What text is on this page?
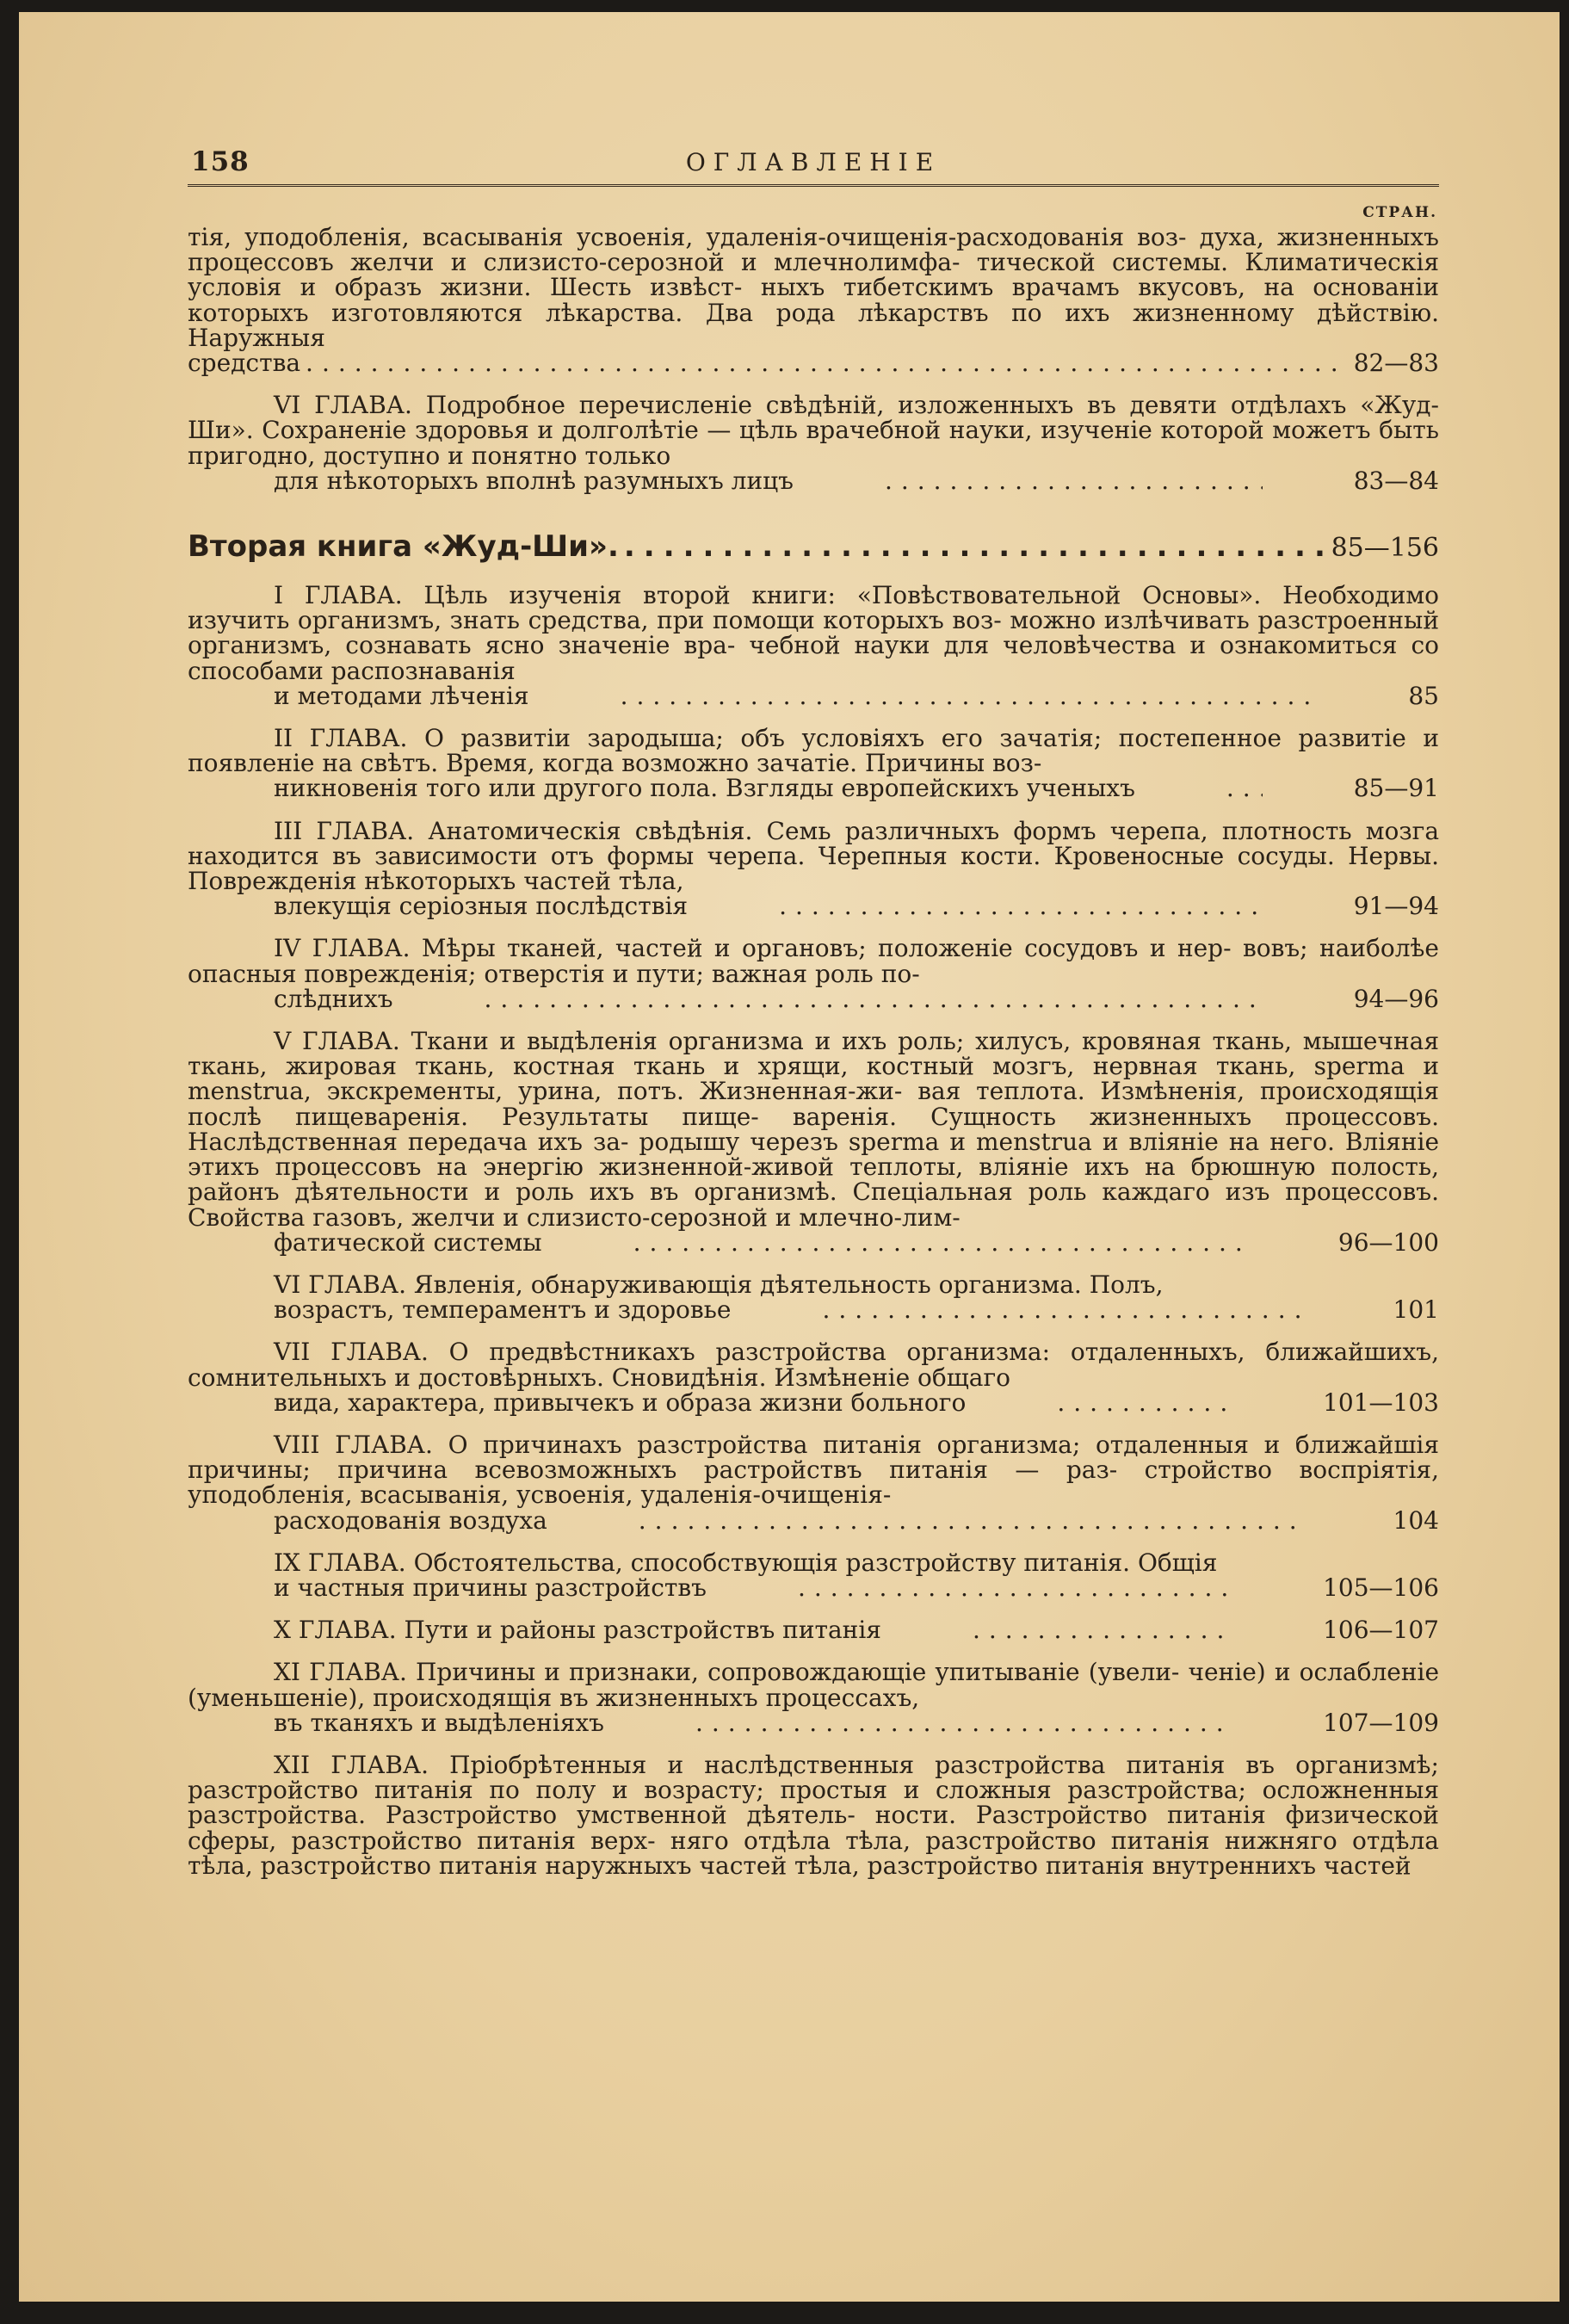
158	ОГЛАВЛЕНІЕ
СТРАН.
тія, уподобленія, всасыванія усвоенія, удаленія-очищенія-расходованія воз- духа, жизненныхъ процессовъ желчи и слизисто-серозной и млечнолимфа- тической системы. Климатическія условія и образъ жизни. Шесть извѣст- ныхъ тибетскимъ врачамъ вкусовъ, на основаніи которыхъ изготовляются лѣкарства. Два рода лѣкарствъ по ихъ жизненному дѣйствію. Наружныя
средства .....	82—83
VI ГЛАВА. Подробное перечисленіе свѣдѣній, изложенныхъ въ девяти отдѣлахъ «Жуд-Ши». Сохраненіе здоровья и долголѣтіе — цѣль врачебной науки, изученіе которой можетъ быть пригодно, доступно и понятно только
для нѣкоторыхъ вполнѣ разумныхъ лицъ .....	83—84
Вторая книга «Жуд-Ши». .....	85—156
I ГЛАВА. Цѣль изученія второй книги: «Повѣствовательной Основы». Необходимо изучить организмъ, знать средства, при помощи которыхъ воз- можно излѣчивать разстроенный организмъ, сознавать ясно значеніе вра- чебной науки для человѣчества и ознакомиться со способами распознаванія
и методами лѣченія .....	85
II ГЛАВА. О развитіи зародыша; объ условіяхъ его зачатія; постепенное развитіе и появленіе на свѣтъ. Время, когда возможно зачатіе. Причины воз-
никновенія того или другого пола. Взгляды европейскихъ ученыхъ .....	85—91
III ГЛАВА. Анатомическія свѣдѣнія. Семь различныхъ формъ черепа, плотность мозга находится въ зависимости отъ формы черепа. Черепныя кости. Кровеносные сосуды. Нервы. Поврежденія нѣкоторыхъ частей тѣла,
влекущія серіозныя послѣдствія .....	91—94
IV ГЛАВА. Мѣры тканей, частей и органовъ; положеніе сосудовъ и нер- вовъ; наиболѣе опасныя поврежденія; отверстія и пути; важная роль по-
слѣднихъ .....	94—96
V ГЛАВА. Ткани и выдѣленія организма и ихъ роль; хилусъ, кровяная ткань, мышечная ткань, жировая ткань, костная ткань и хрящи, костный мозгъ, нервная ткань, sperma и menstrua, экскременты, урина, потъ. Жизненная-жи- вая теплота. Измѣненія, происходящія послѣ пищеваренія. Результаты пище- варенія. Сущность жизненныхъ процессовъ. Наслѣдственная передача ихъ за- родышу черезъ sperma и menstrua и вліяніе на него. Вліяніе этихъ процессовъ на энергію жизненной-живой теплоты, вліяніе ихъ на брюшную полость, районъ дѣятельности и роль ихъ въ организмѣ. Спеціальная роль каждаго изъ процессовъ. Свойства газовъ, желчи и слизисто-серозной и млечно-лим-
фатической системы .....	96—100
VI ГЛАВА. Явленія, обнаруживающія дѣятельность организма. Полъ,
возрастъ, темпераментъ и здоровье .....	101
VII ГЛАВА. О предвѣстникахъ разстройства организма: отдаленныхъ, ближайшихъ, сомнительныхъ и достовѣрныхъ. Сновидѣнія. Измѣненіе общаго
вида, характера, привычекъ и образа жизни больного .....	101—103
VIII ГЛАВА. О причинахъ разстройства питанія организма; отдаленныя и ближайшія причины; причина всевозможныхъ растройствъ питанія — раз- стройство воспріятія, уподобленія, всасыванія, усвоенія, удаленія-очищенія-
расходованія воздуха .....	104
IX ГЛАВА. Обстоятельства, способствующія разстройству питанія. Общія
и частныя причины разстройствъ .....	105—106
X ГЛАВА. Пути и районы разстройствъ питанія .....	106—107
XI ГЛАВА. Причины и признаки, сопровождающіе упитываніе (увели- ченіе) и ослабленіе (уменьшеніе), происходящія въ жизненныхъ процессахъ,
въ тканяхъ и выдѣленіяхъ .....	107—109
XII ГЛАВА. Пріобрѣтенныя и наслѣдственныя разстройства питанія въ организмѣ; разстройство питанія по полу и возрасту; простыя и сложныя разстройства; осложненныя разстройства. Разстройство умственной дѣятель- ности. Разстройство питанія физической сферы, разстройство питанія верх- няго отдѣла тѣла, разстройство питанія нижняго отдѣла тѣла, разстройство питанія наружныхъ частей тѣла, разстройство питанія внутреннихъ частей
